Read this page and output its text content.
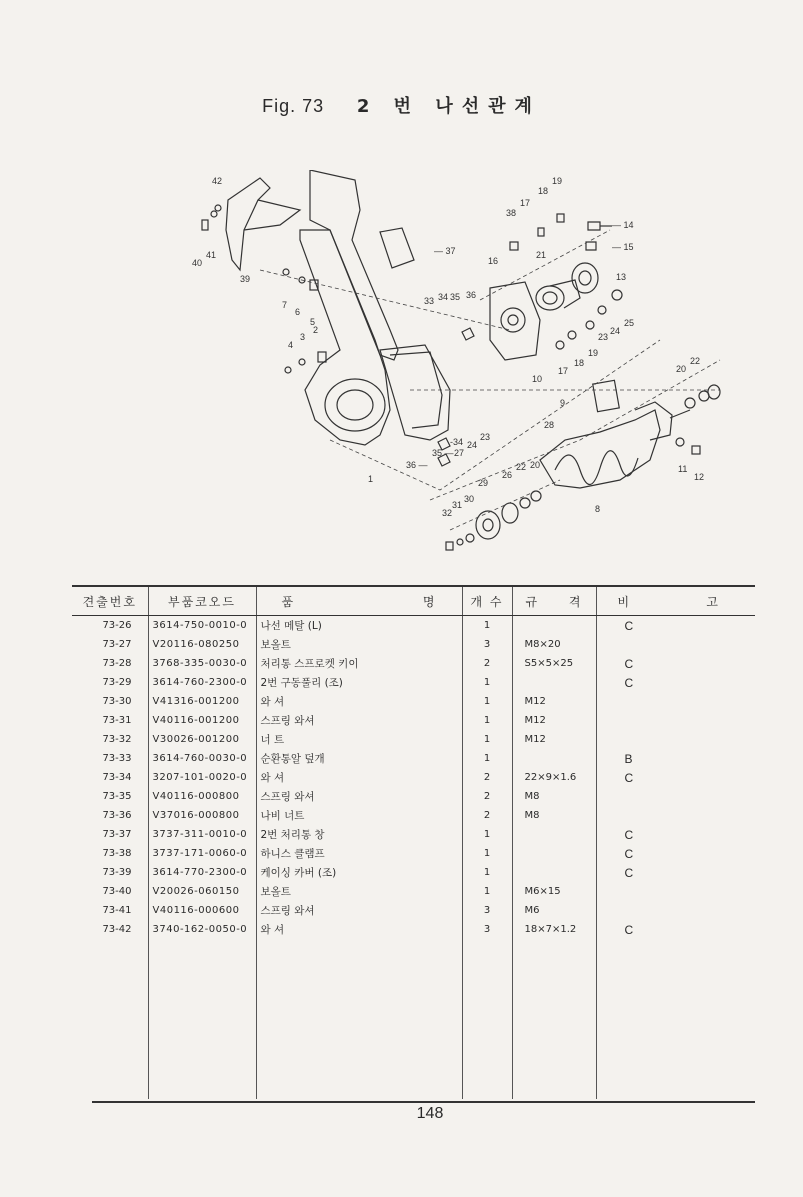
Fig. 73 2 번 나선관계
42
40
41
39
7
6
5
3
2
4
1
— 37
33 34 35 36
38
17
18
19
— 14
— 15
16
21
13
25
24
23
19
18
17
10
9
22
20
11
12
28
-34
35 —
36 —
23
24
27
20
22
26
29
30
31
32	8
견출번호	부품코오드	품 명	개 수	규 격	비 고

73-26	3614-750-0010-0	나선 메탈 (L)	1		C
73-27	V20116-080250	보올트	3	M8×20	
73-28	3768-335-0030-0	처리통 스프로켓 키이	2	S5×5×25	C
73-29	3614-760-2300-0	2번 구동풀리 (조)	1		C
73-30	V41316-001200	와 셔	1	M12	
73-31	V40116-001200	스프링 와셔	1	M12	
73-32	V30026-001200	너 트	1	M12	
73-33	3614-760-0030-0	순환통알 덮개	1		B
73-34	3207-101-0020-0	와 셔	2	22×9×1.6	C
73-35	V40116-000800	스프링 와셔	2	M8	
73-36	V37016-000800	나비 너트	2	M8	
73-37	3737-311-0010-0	2번 처리통 창	1		C
73-38	3737-171-0060-0	하니스 클램프	1		C
73-39	3614-770-2300-0	케이싱 카버 (조)	1		C
73-40	V20026-060150	보올트	1	M6×15	
73-41	V40116-000600	스프링 와셔	3	M6	
73-42	3740-162-0050-0	와 셔	3	18×7×1.2	C

148
